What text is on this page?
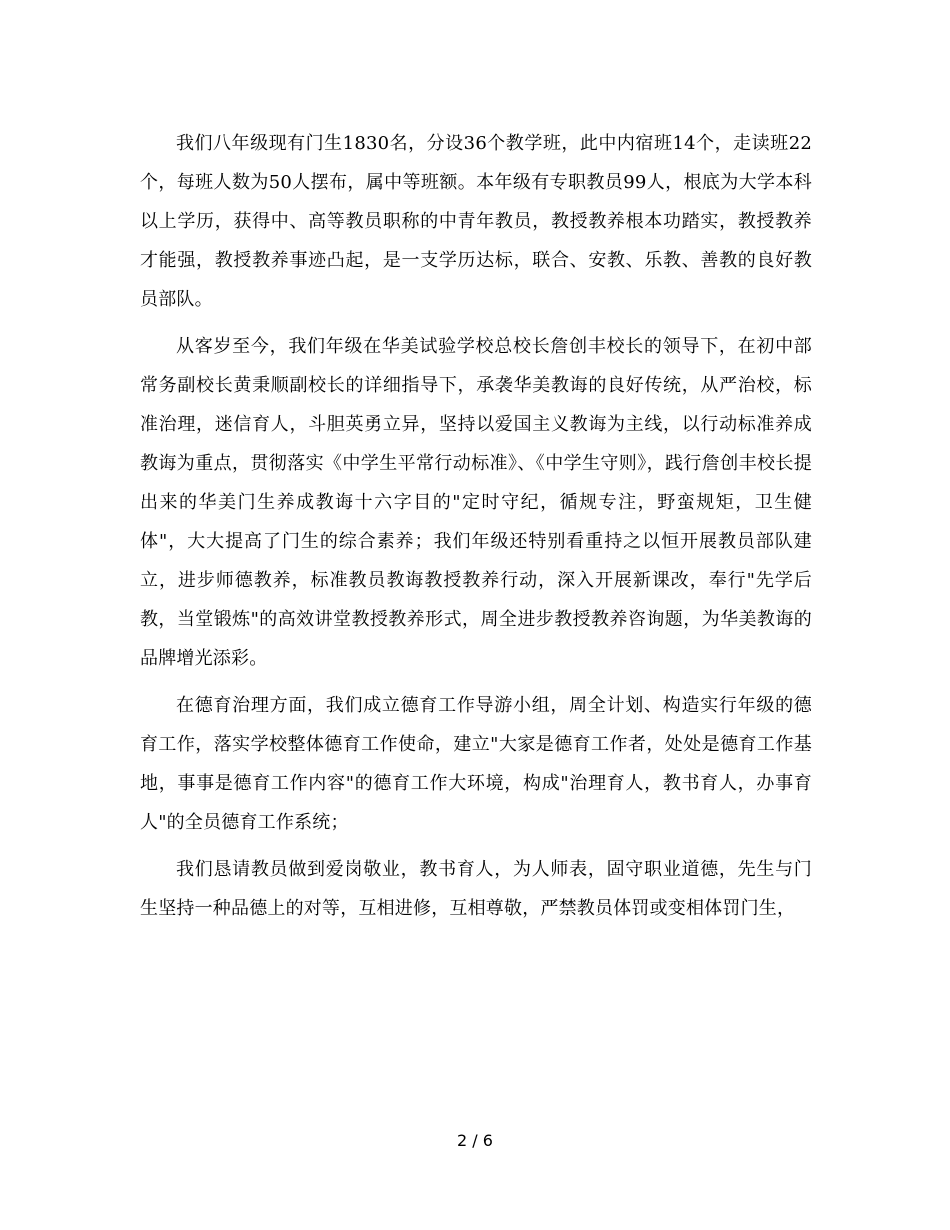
我们八年级现有门生1830名，分设36个教学班，此中内宿班14个，走读班22个，每班人数为50人摆布，属中等班额。本年级有专职教员99人，根底为大学本科以上学历，获得中、高等教员职称的中青年教员，教授教养根本功踏实，教授教养才能强，教授教养事迹凸起，是一支学历达标，联合、安教、乐教、善教的良好教员部队。

从客岁至今，我们年级在华美试验学校总校长詹创丰校长的领导下，在初中部常务副校长黄秉顺副校长的详细指导下，承袭华美教诲的良好传统，从严治校，标准治理，迷信育人，斗胆英勇立异，坚持以爱国主义教诲为主线，以行动标准养成教诲为重点，贯彻落实《中学生平常行动标准》、《中学生守则》，践行詹创丰校长提出来的华美门生养成教诲十六字目的"定时守纪，循规专注，野蛮规矩，卫生健体"，大大提高了门生的综合素养；我们年级还特别看重持之以恒开展教员部队建立，进步师德教养，标准教员教诲教授教养行动，深入开展新课改，奉行"先学后教，当堂锻炼"的高效讲堂教授教养形式，周全进步教授教养咨询题，为华美教诲的品牌增光添彩。

在德育治理方面，我们成立德育工作导游小组，周全计划、构造实行年级的德育工作，落实学校整体德育工作使命，建立"大家是德育工作者，处处是德育工作基地，事事是德育工作内容"的德育工作大环境，构成"治理育人，教书育人，办事育人"的全员德育工作系统；

我们恳请教员做到爱岗敬业，教书育人，为人师表，固守职业道德，先生与门生坚持一种品德上的对等，互相进修，互相尊敬，严禁教员体罚或变相体罚门生，

2 / 6
